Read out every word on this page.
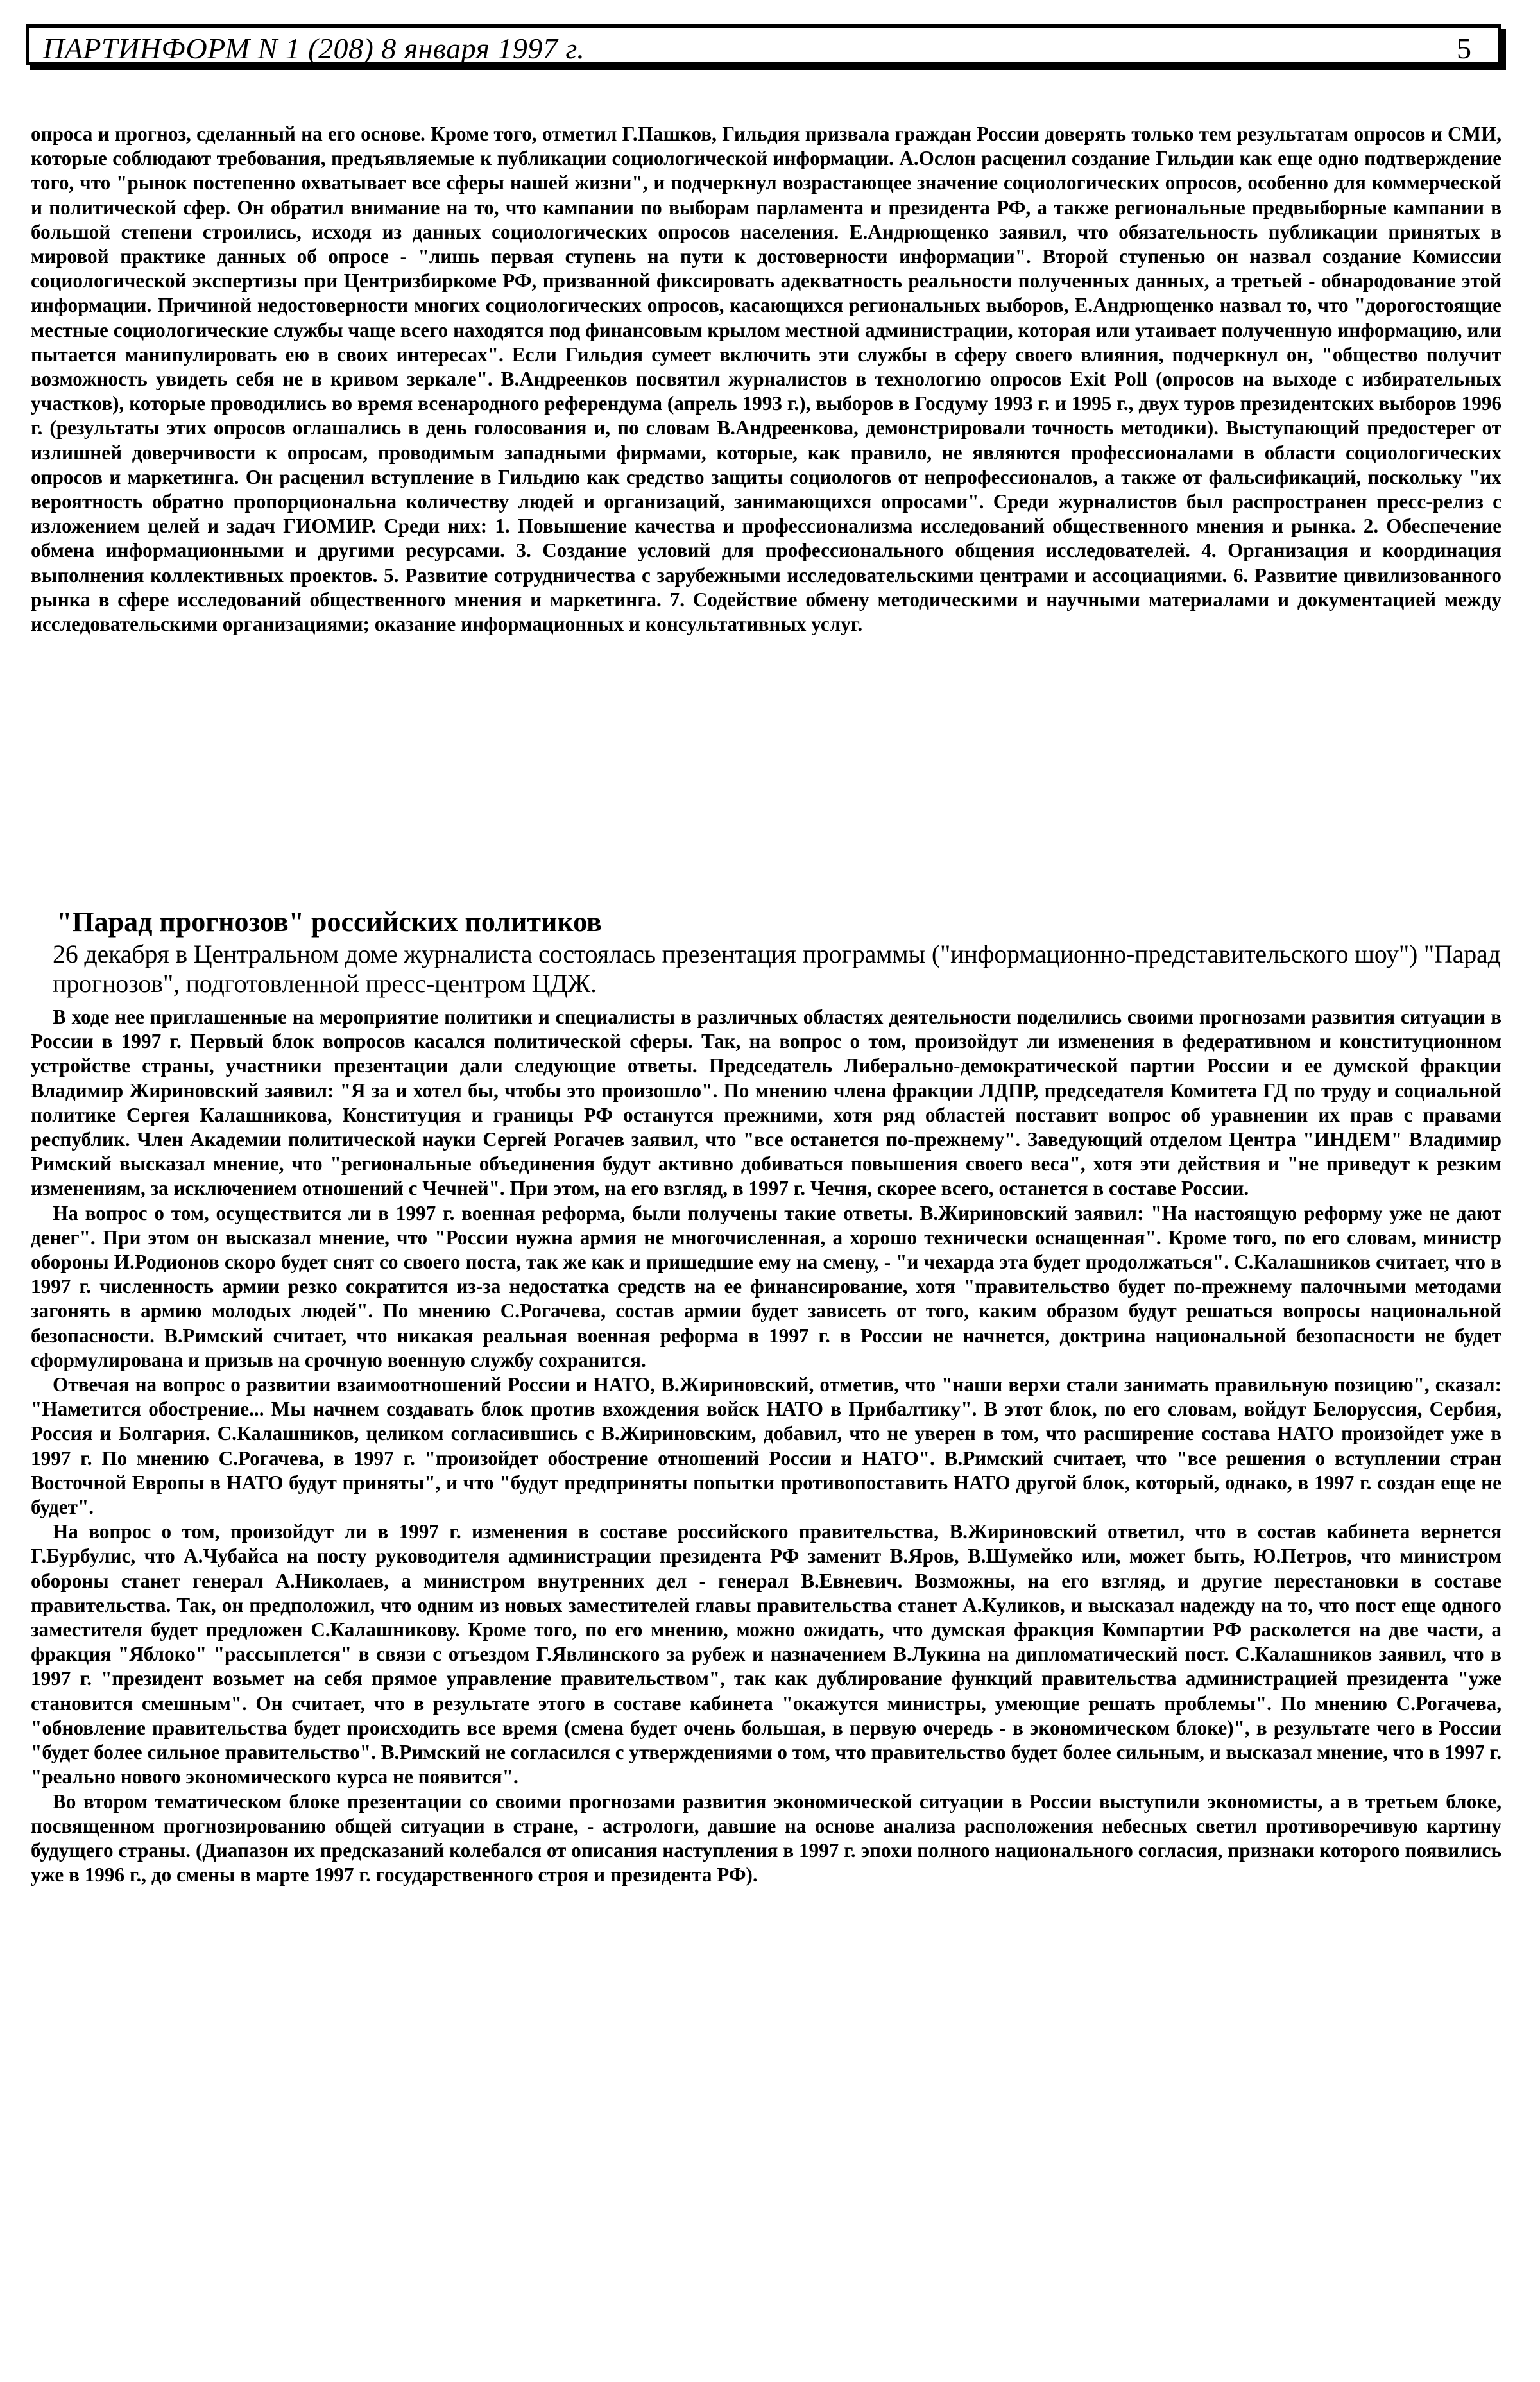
ПАРТИНФОРМ N 1 (208) 8 января 1997 г.	5

опроса и прогноз, сделанный на его основе. Кроме того, отметил Г.Пашков, Гильдия призвала граждан России доверять только тем результатам опросов и СМИ, которые соблюдают требования, предъявляемые к публикации социологической информации. А.Ослон расценил создание Гильдии как еще одно подтверждение того, что "рынок постепенно охватывает все сферы нашей жизни", и подчеркнул возрастающее значение социологических опросов, особенно для коммерческой и политической сфер. Он обратил внимание на то, что кампании по выборам парламента и президента РФ, а также региональные предвыборные кампании в большой степени строились, исходя из данных социологических опросов населения. Е.Андрющенко заявил, что обязательность публикации принятых в мировой практике данных об опросе - "лишь первая ступень на пути к достоверности информации". Второй ступенью он назвал создание Комиссии социологической экспертизы при Центризбиркоме РФ, призванной фиксировать адекватность реальности полученных данных, а третьей - обнародование этой информации. Причиной недостоверности многих социологических опросов, касающихся региональных выборов, Е.Андрющенко назвал то, что "дорогостоящие местные социологические службы чаще всего находятся под финансовым крылом местной администрации, которая или утаивает полученную информацию, или пытается манипулировать ею в своих интересах". Если Гильдия сумеет включить эти службы в сферу своего влияния, подчеркнул он, "общество получит возможность увидеть себя не в кривом зеркале". В.Андреенков посвятил журналистов в технологию опросов Exit Poll (опросов на выходе с избирательных участков), которые проводились во время всенародного референдума (апрель 1993 г.), выборов в Госдуму 1993 г. и 1995 г., двух туров президентских выборов 1996 г. (результаты этих опросов оглашались в день голосования и, по словам В.Андреенкова, демонстрировали точность методики). Выступающий предостерег от излишней доверчивости к опросам, проводимым западными фирмами, которые, как правило, не являются профессионалами в области социологических опросов и маркетинга. Он расценил вступление в Гильдию как средство защиты социологов от непрофессионалов, а также от фальсификаций, поскольку "их вероятность обратно пропорциональна количеству людей и организаций, занимающихся опросами". Среди журналистов был распространен пресс-релиз с изложением целей и задач ГИОМИР. Среди них: 1. Повышение качества и профессионализма исследований общественного мнения и рынка. 2. Обеспечение обмена информационными и другими ресурсами. 3. Создание условий для профессионального общения исследователей. 4. Организация и координация выполнения коллективных проектов. 5. Развитие сотрудничества с зарубежными исследовательскими центрами и ассоциациями. 6. Развитие цивилизованного рынка в сфере исследований общественного мнения и маркетинга. 7. Содействие обмену методическими и научными материалами и документацией между исследовательскими организациями; оказание информационных и консультативных услуг.

"Парад прогнозов" российских политиков

26 декабря в Центральном доме журналиста состоялась презентация программы ("информационно-представительского шоу") "Парад прогнозов", подготовленной пресс-центром ЦДЖ.

В ходе нее приглашенные на мероприятие политики и специалисты в различных областях деятельности поделились своими прогнозами развития ситуации в России в 1997 г. Первый блок вопросов касался политической сферы. Так, на вопрос о том, произойдут ли изменения в федеративном и конституционном устройстве страны, участники презентации дали следующие ответы. Председатель Либерально-демократической партии России и ее думской фракции Владимир Жириновский заявил: "Я за и хотел бы, чтобы это произошло". По мнению члена фракции ЛДПР, председателя Комитета ГД по труду и социальной политике Сергея Калашникова, Конституция и границы РФ останутся прежними, хотя ряд областей поставит вопрос об уравнении их прав с правами республик. Член Академии политической науки Сергей Рогачев заявил, что "все останется по-прежнему". Заведующий отделом Центра "ИНДЕМ" Владимир Римский высказал мнение, что "региональные объединения будут активно добиваться повышения своего веса", хотя эти действия и "не приведут к резким изменениям, за исключением отношений с Чечней". При этом, на его взгляд, в 1997 г. Чечня, скорее всего, останется в составе России.

На вопрос о том, осуществится ли в 1997 г. военная реформа, были получены такие ответы. В.Жириновский заявил: "На настоящую реформу уже не дают денег". При этом он высказал мнение, что "России нужна армия не многочисленная, а хорошо технически оснащенная". Кроме того, по его словам, министр обороны И.Родионов скоро будет снят со своего поста, так же как и пришедшие ему на смену, - "и чехарда эта будет продолжаться". С.Калашников считает, что в 1997 г. численность армии резко сократится из-за недостатка средств на ее финансирование, хотя "правительство будет по-прежнему палочными методами загонять в армию молодых людей". По мнению С.Рогачева, состав армии будет зависеть от того, каким образом будут решаться вопросы национальной безопасности. В.Римский считает, что никакая реальная военная реформа в 1997 г. в России не начнется, доктрина национальной безопасности не будет сформулирована и призыв на срочную военную службу сохранится.

Отвечая на вопрос о развитии взаимоотношений России и НАТО, В.Жириновский, отметив, что "наши верхи стали занимать правильную позицию", сказал: "Наметится обострение... Мы начнем создавать блок против вхождения войск НАТО в Прибалтику". В этот блок, по его словам, войдут Белоруссия, Сербия, Россия и Болгария. С.Калашников, целиком согласившись с В.Жириновским, добавил, что не уверен в том, что расширение состава НАТО произойдет уже в 1997 г. По мнению С.Рогачева, в 1997 г. "произойдет обострение отношений России и НАТО". В.Римский считает, что "все решения о вступлении стран Восточной Европы в НАТО будут приняты", и что "будут предприняты попытки противопоставить НАТО другой блок, который, однако, в 1997 г. создан еще не будет".

На вопрос о том, произойдут ли в 1997 г. изменения в составе российского правительства, В.Жириновский ответил, что в состав кабинета вернется Г.Бурбулис, что А.Чубайса на посту руководителя администрации президента РФ заменит В.Яров, В.Шумейко или, может быть, Ю.Петров, что министром обороны станет генерал А.Николаев, а министром внутренних дел - генерал В.Евневич. Возможны, на его взгляд, и другие перестановки в составе правительства. Так, он предположил, что одним из новых заместителей главы правительства станет А.Куликов, и высказал надежду на то, что пост еще одного заместителя будет предложен С.Калашникову. Кроме того, по его мнению, можно ожидать, что думская фракция Компартии РФ расколется на две части, а фракция "Яблоко" "рассыплется" в связи с отъездом Г.Явлинского за рубеж и назначением В.Лукина на дипломатический пост. С.Калашников заявил, что в 1997 г. "президент возьмет на себя прямое управление правительством", так как дублирование функций правительства администрацией президента "уже становится смешным". Он считает, что в результате этого в составе кабинета "окажутся министры, умеющие решать проблемы". По мнению С.Рогачева, "обновление правительства будет происходить все время (смена будет очень большая, в первую очередь - в экономическом блоке)", в результате чего в России "будет более сильное правительство". В.Римский не согласился с утверждениями о том, что правительство будет более сильным, и высказал мнение, что в 1997 г. "реально нового экономического курса не появится".

Во втором тематическом блоке презентации со своими прогнозами развития экономической ситуации в России выступили экономисты, а в третьем блоке, посвященном прогнозированию общей ситуации в стране, - астрологи, давшие на основе анализа расположения небесных светил противоречивую картину будущего страны. (Диапазон их предсказаний колебался от описания наступления в 1997 г. эпохи полного национального согласия, признаки которого появились уже в 1996 г., до смены в марте 1997 г. государственного строя и президента РФ).
